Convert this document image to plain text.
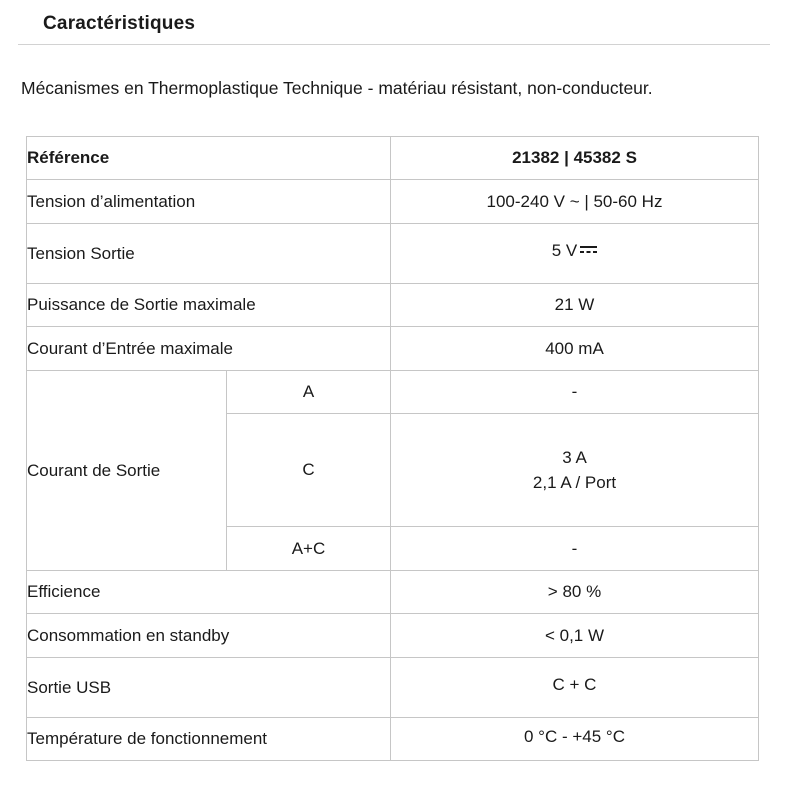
Caractéristiques
Mécanismes en Thermoplastique Technique - matériau résistant, non-conducteur.
Référence		21382 | 45382 S
Tension d’alimentation		100-240 V ~ | 50-60 Hz
Tension Sortie		5 V
Puissance de Sortie maximale		21 W
Courant d’Entrée maximale		400 mA
Courant de Sortie	A	-
	C	3 A
2,1 A / Port

	A+C	-
Efficience		> 80 %
Consommation en standby		< 0,1 W
Sortie USB		C + C
Température de fonctionnement		0 °C - +45 °C
